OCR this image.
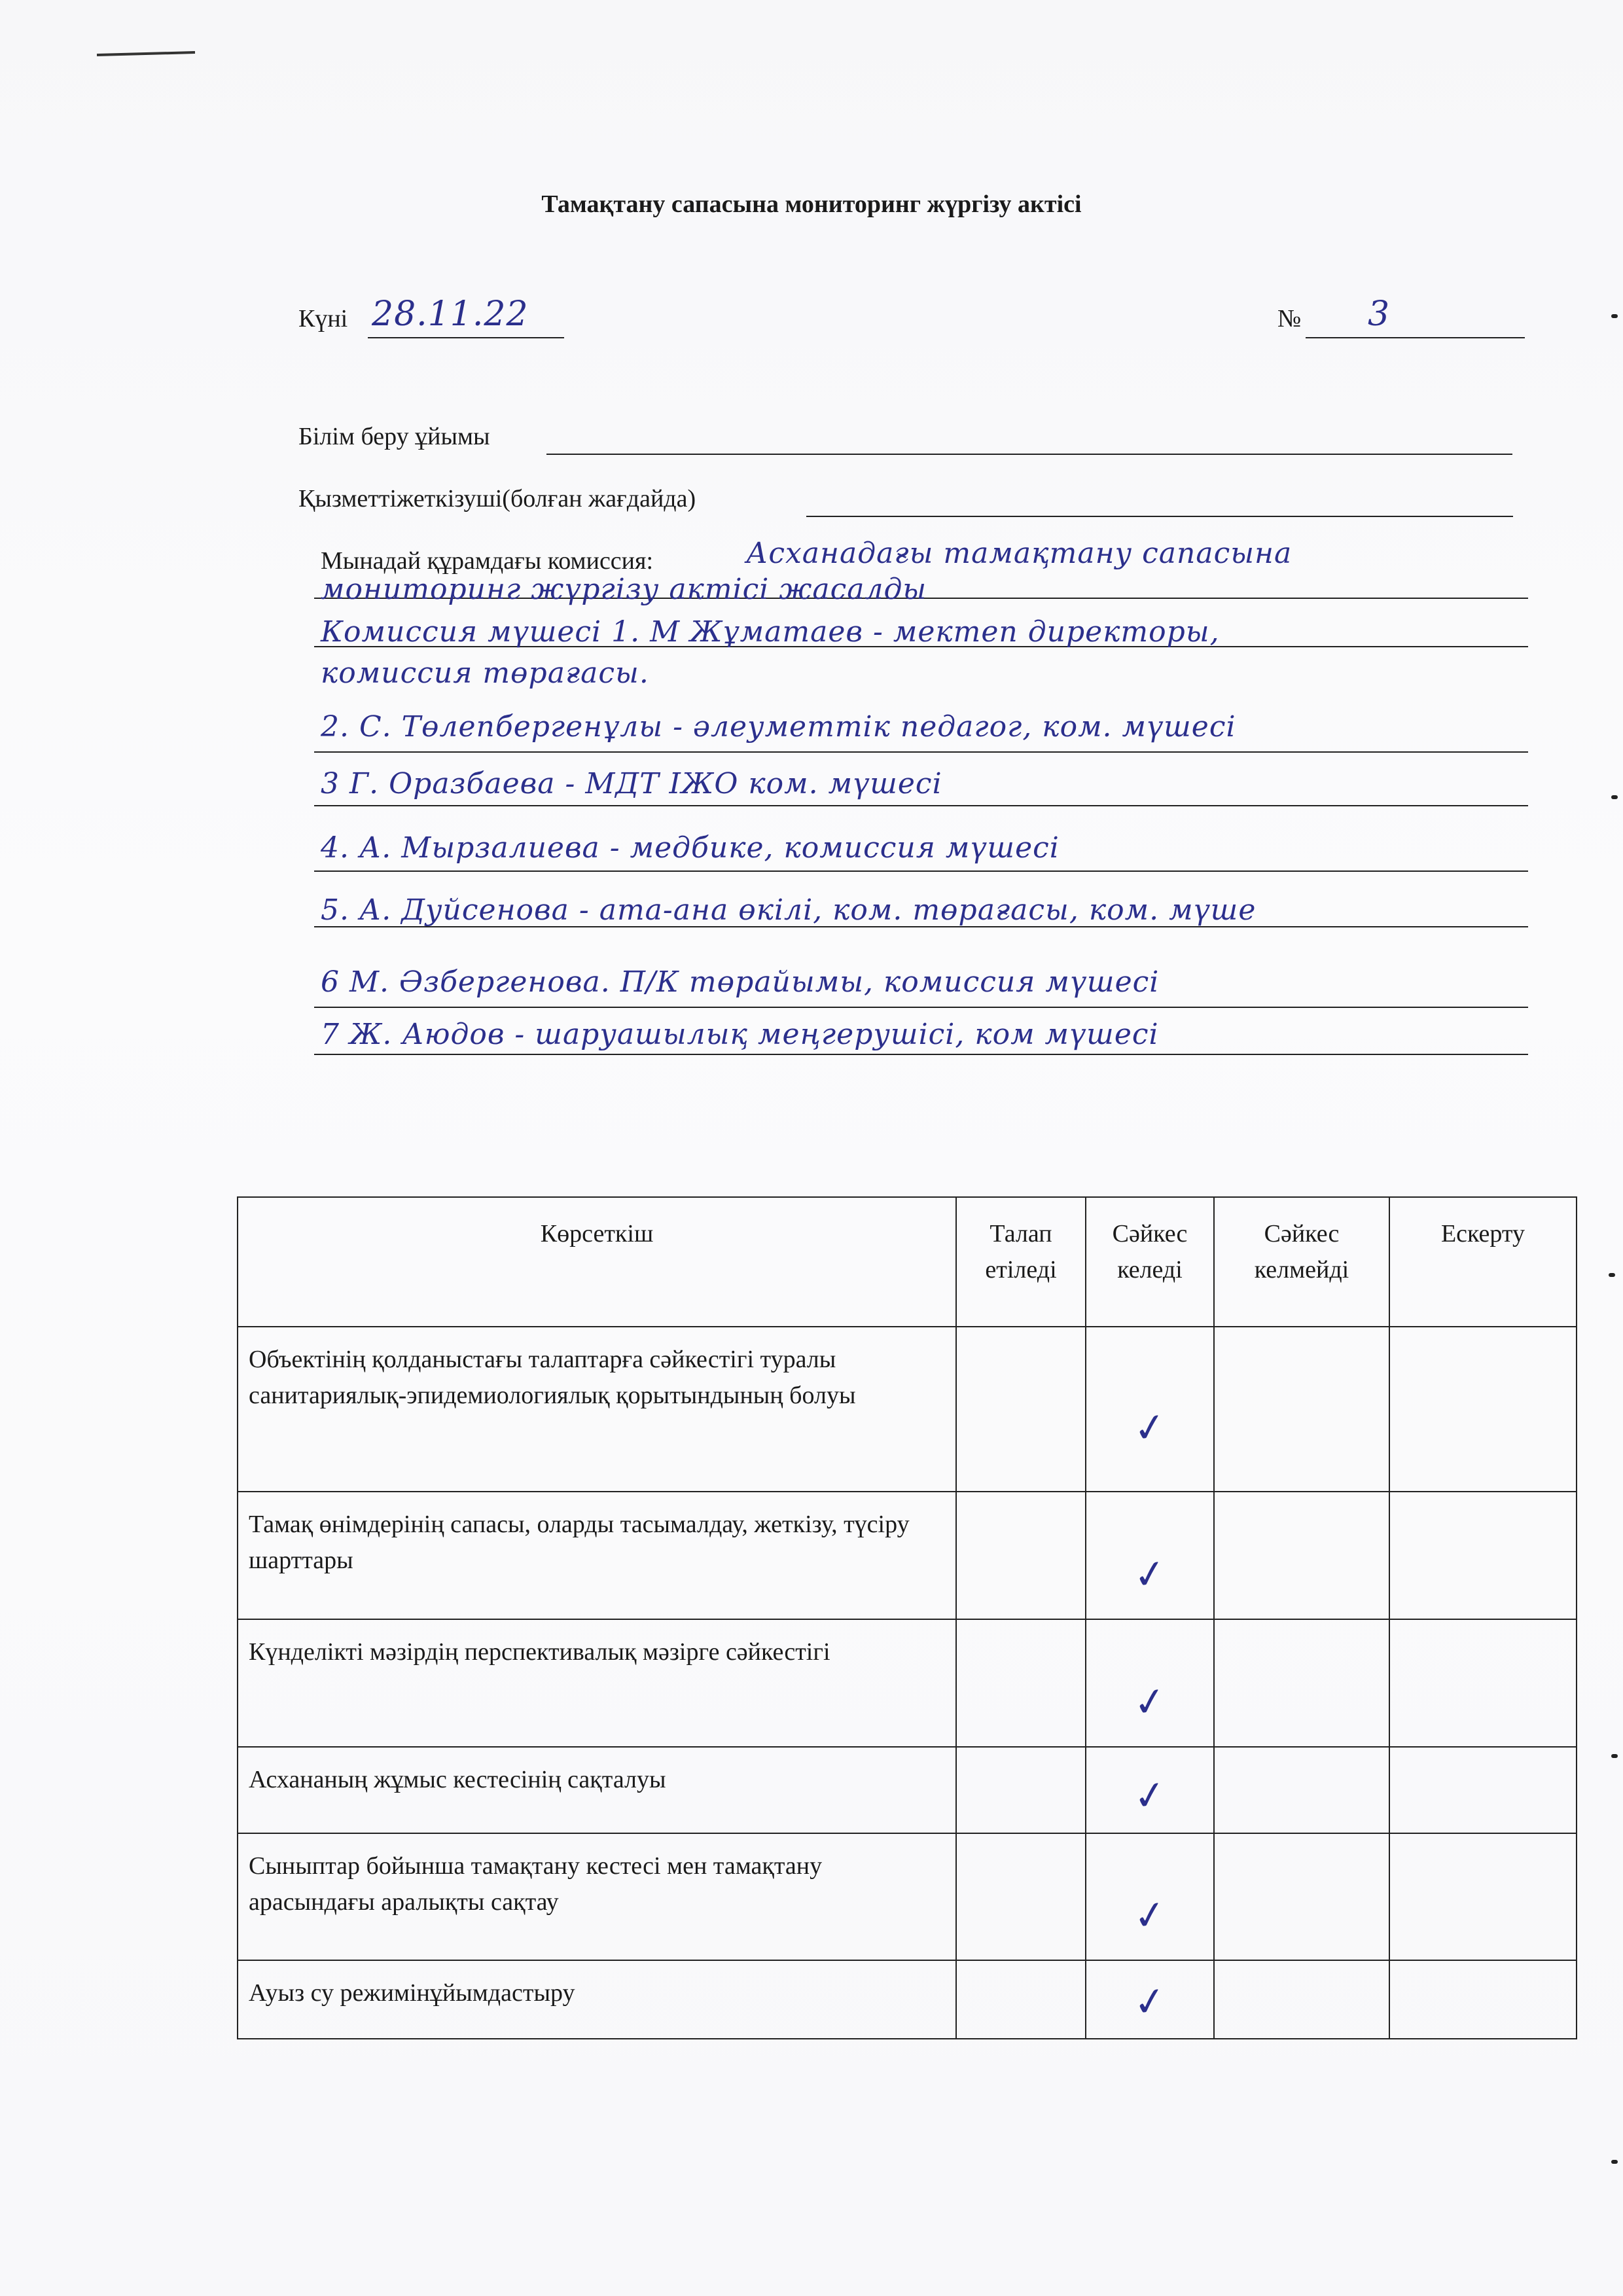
Тамақтану сапасына мониторинг жүргізу актісі
Күні 28.11.22	№ 3
Білім беру ұйымы
Қызметтіжеткізуші(болған жағдайда)
Мынадай құрамдағы комиссия:	Асханадағы тамақтану сапасына
мониторинг жүргізу актісі жасалды
Комиссия мүшесі 1. М Жұматаев - мектеп директоры,
комиссия төрағасы.
2. С. Төлепбергенұлы - әлеуметтік педагог, ком. мүшесі
3 Г. Оразбаева - МДТ ІЖО ком. мүшесі
4. А. Мырзалиева - медбике, комиссия мүшесі
5. А. Дуйсенова - ата-ана өкілі, ком. төрағасы, ком. мүше
6 М. Әзбергенова. П/К төрайымы, комиссия мүшесі
7 Ж. Аюдов - шаруашылық меңгерушісі, ком мүшесі
Көрсеткіш	Талап етіледі	Сәйкес келеді	Сәйкес келмейді	Ескерту
Объектінің қолданыстағы талаптарға сәйкестігі туралы санитариялық-эпидемиологиялық қорытындының болуы		✓		
Тамақ өнімдерінің сапасы, оларды тасымалдау, жеткізу, түсіру шарттары		✓		
Күнделікті мәзірдің перспективалық мәзірге сәйкестігі		✓		
Асхананың жұмыс кестесінің сақталуы		✓		
Сыныптар бойынша тамақтану кестесі мен тамақтану арасындағы аралықты сақтау		✓		
Ауыз су режимінұйымдастыру		✓		
